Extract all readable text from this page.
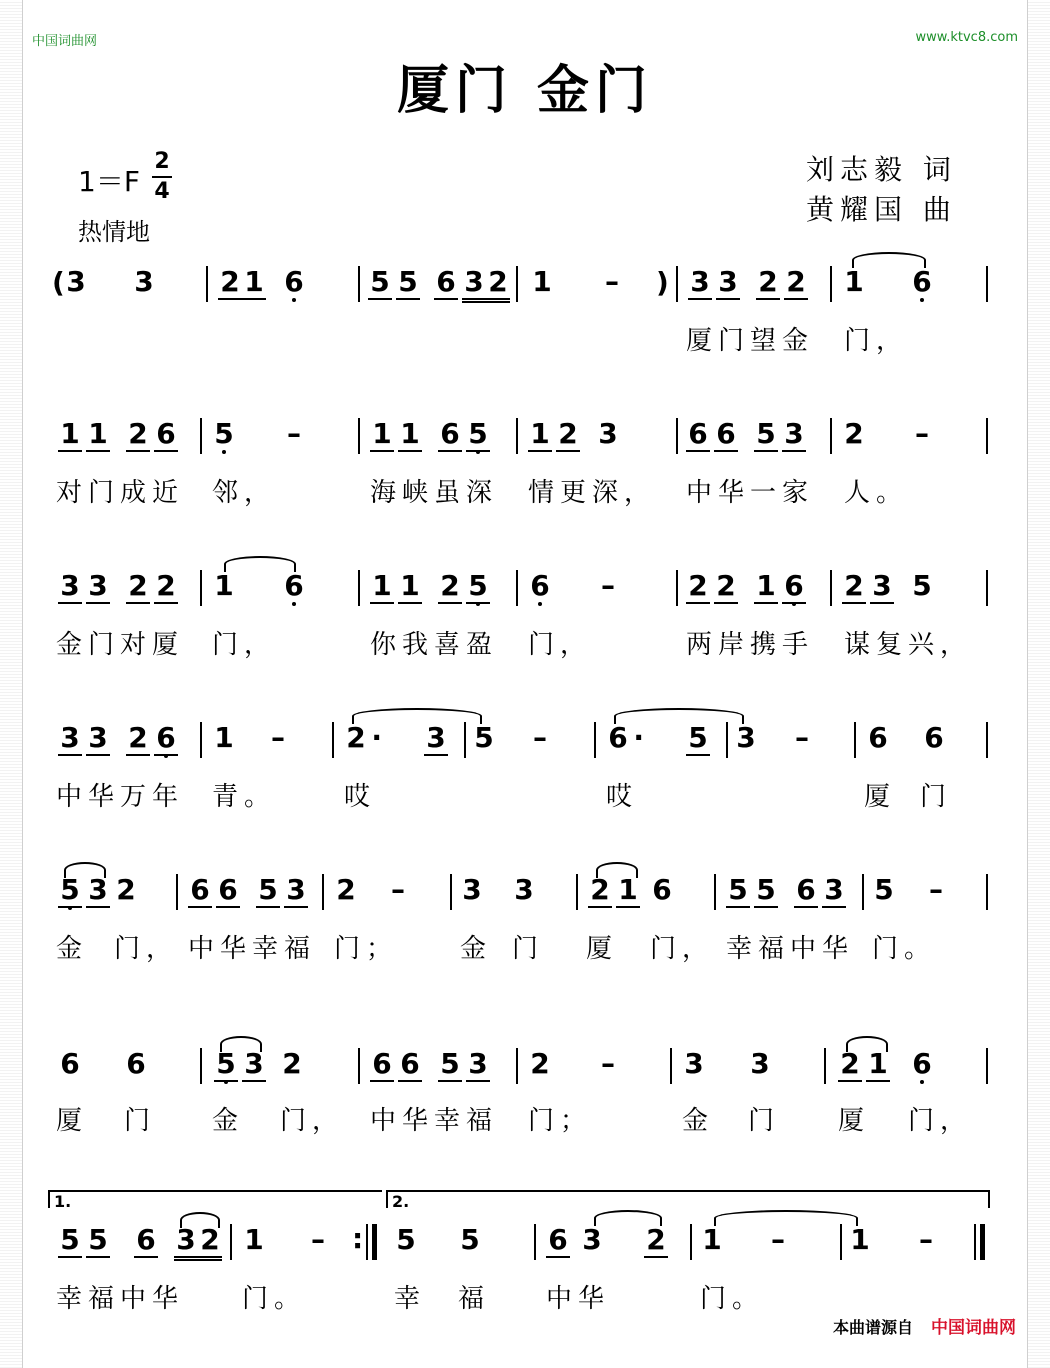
中国词曲网	www.ktvc8.com
厦门 金门
1＝F
2
4
热情地
刘志毅 词
黄耀国 曲
( 3 3 2 1 6 5 5 6 3 2 1 – ) 3 3 2 2 1 6
厦门望金 门，
1 1 2 6 5 –	1 1 6 5 1 2 3	6 6 5 3 2 –
对门成近 邻，	海峡虽深 情更深， 中华一家 人。
3 3 2 2 1 6 1 1 2 5 6 –	2 2 1 6 2 3 5
金门对厦 门，	你我喜盈 门，	两岸携手 谋复兴，
3 3 2 6 1 – 2 · 3 5 – 6 · 5 3 – 6 6
中华万年 青。	哎	哎	厦 门
5 3 2 6 6 5 3 2 – 3 3 2 1 6 5 5 6 3 5 –
金 门， 中华幸福 门； 金 门 厦 门， 幸福中华 门。
6 6	5 3 2	6 6 5 3 2 – 3 3	2 1 6
厦 门 金 门， 中华幸福 门；	金 门 厦 门，
1.	2.
5 5 6 3 2 1 – : 5 5 6 3 2 1 – 1 –
幸福中华 门。	幸 福 中华	门。
本曲谱源自 中国词曲网
